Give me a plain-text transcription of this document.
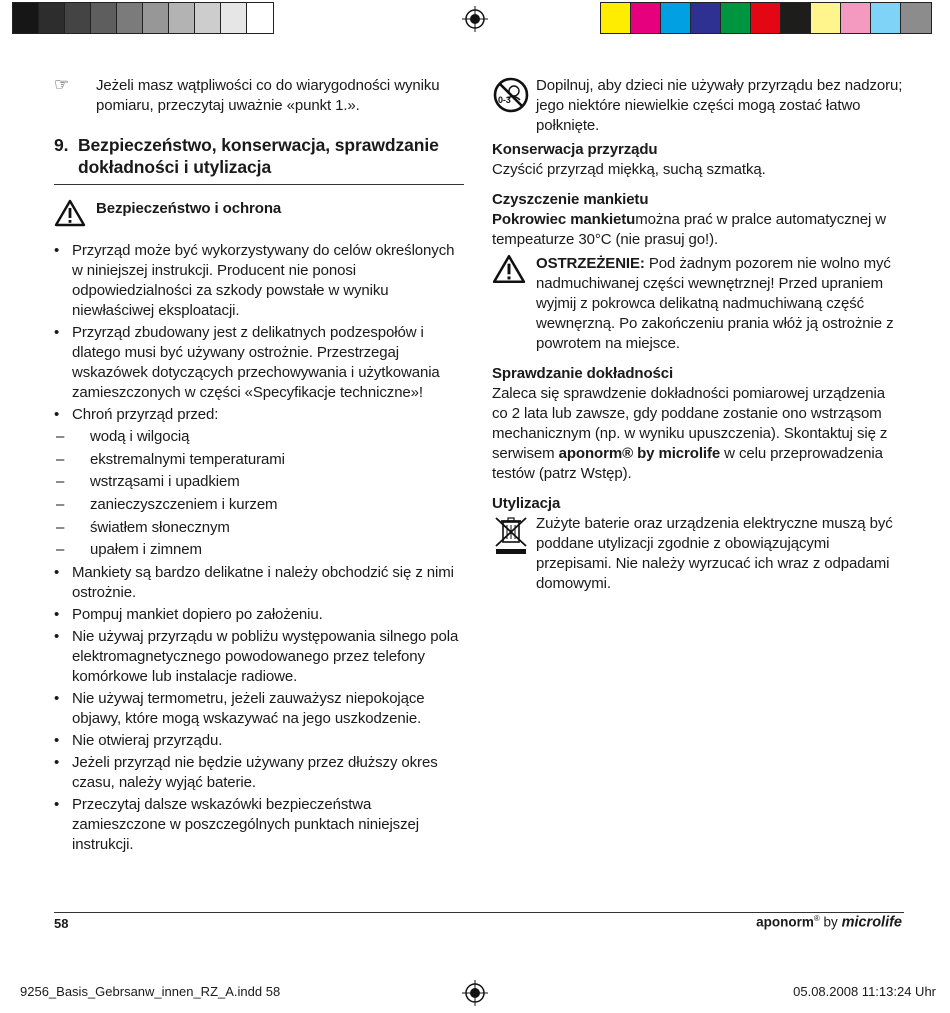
☞	Jeżeli masz wątpliwości co do wiarygodności wyniku pomiaru, przeczytaj uważnie «punkt 1.».
9. Bezpieczeństwo, konserwacja, sprawdzanie dokładności i utylizacja
Bezpieczeństwo i ochrona
• Przyrząd może być wykorzystywany do celów określonych w niniejszej instrukcji. Producent nie ponosi odpowiedzialności za szkody powstałe w wyniku niewłaściwej eksploatacji.
• Przyrząd zbudowany jest z delikatnych podzespołów i dlatego musi być używany ostrożnie. Przestrzegaj wskazówek dotyczących przechowywania i użytkowania zamieszczonych w części «Specyfikacje techniczne»!
• Chroń przyrząd przed:
– wodą i wilgocią
– ekstremalnymi temperaturami
– wstrząsami i upadkiem
– zanieczyszczeniem i kurzem
– światłem słonecznym
– upałem i zimnem
• Mankiety są bardzo delikatne i należy obchodzić się z nimi ostrożnie.
• Pompuj mankiet dopiero po założeniu.
• Nie używaj przyrządu w pobliżu występowania silnego pola elektromagnetycznego powodowanego przez telefony komórkowe lub instalacje radiowe.
• Nie używaj termometru, jeżeli zauważysz niepokojące objawy, które mogą wskazywać na jego uszkodzenie.
• Nie otwieraj przyrządu.
• Jeżeli przyrząd nie będzie używany przez dłuższy okres czasu, należy wyjąć baterie.
• Przeczytaj dalsze wskazówki bezpieczeństwa zamieszczone w poszczególnych punktach niniejszej instrukcji.
0-3
Dopilnuj, aby dzieci nie używały przyrządu bez nadzoru; jego niektóre niewielkie części mogą zostać łatwo połknięte.
Konserwacja przyrządu
Czyścić przyrząd miękką, suchą szmatką.
Czyszczenie mankietu
Pokrowiec mankietumożna prać w pralce automatycznej w tempeaturze 30°C (nie prasuj go!).
OSTRZEŻENIE: Pod żadnym pozorem nie wolno myć nadmuchiwanej części wewnętrznej! Przed upraniem wyjmij z pokrowca delikatną nadmuchiwaną część wewnęrzną. Po zakończeniu prania włóż ją ostrożnie z powrotem na miejsce.
Sprawdzanie dokładności
Zaleca się sprawdzenie dokładności pomiarowej urządzenia co 2 lata lub zawsze, gdy poddane zostanie ono wstrząsom mechanicznym (np. w wyniku upuszczenia). Skontaktuj się z serwisem aponorm® by microlife w celu przeprowadzenia testów (patrz Wstęp).
Utylizacja
Zużyte baterie oraz urządzenia elektryczne muszą być poddane utylizacji zgodnie z obowiązującymi przepisami. Nie należy wyrzucać ich wraz z odpadami domowymi.
58	aponorm® by microlife
9256_Basis_Gebrsanw_innen_RZ_A.indd 58	05.08.2008 11:13:24 Uhr
